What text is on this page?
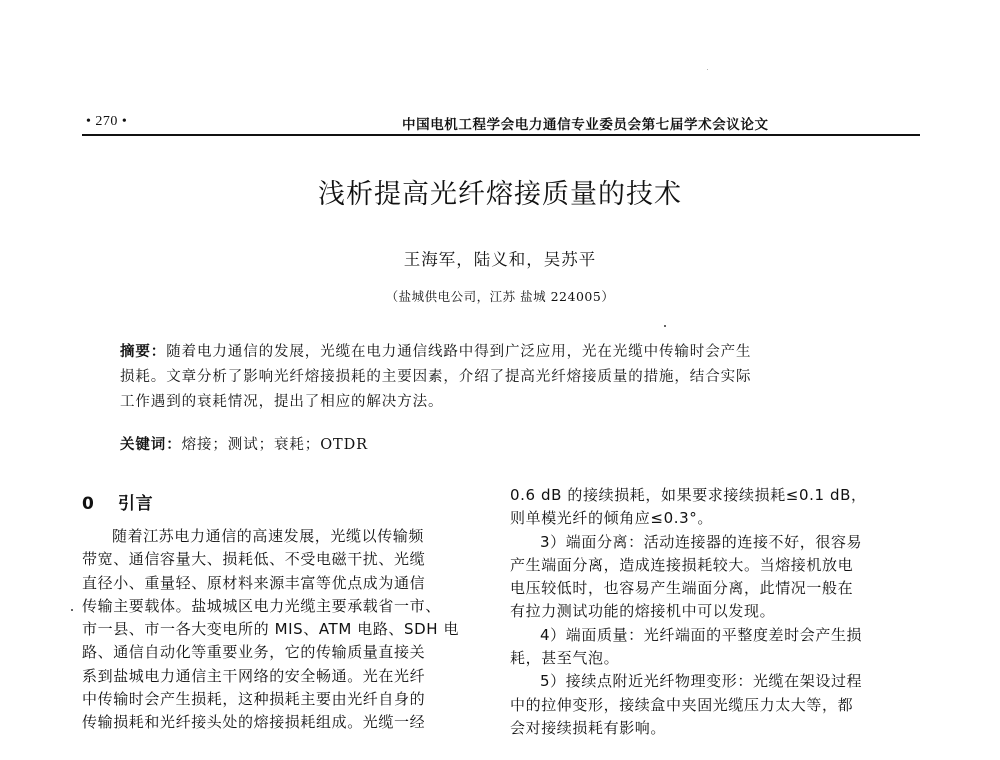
• 270 •	中国电机工程学会电力通信专业委员会第七届学术会议论文
浅析提高光纤熔接质量的技术
王海军，陆义和，吴苏平
（盐城供电公司，江苏 盐城 224005）
摘要：随着电力通信的发展，光缆在电力通信线路中得到广泛应用，光在光缆中传输时会产生
损耗。文章分析了影响光纤熔接损耗的主要因素，介绍了提高光纤熔接质量的措施，结合实际
工作遇到的衰耗情况，提出了相应的解决方法。
关键词：熔接；测试；衰耗；OTDR
0 引言
随着江苏电力通信的高速发展，光缆以传输频
带宽、通信容量大、损耗低、不受电磁干扰、光缆
直径小、重量轻、原材料来源丰富等优点成为通信
传输主要载体。盐城城区电力光缆主要承载省一市、
市一县、市一各大变电所的 MIS、ATM 电路、SDH 电
路、通信自动化等重要业务，它的传输质量直接关
系到盐城电力通信主干网络的安全畅通。光在光纤
中传输时会产生损耗，这种损耗主要由光纤自身的
传输损耗和光纤接头处的熔接损耗组成。光缆一经
0.6 dB 的接续损耗，如果要求接续损耗≤0.1 dB，
则单模光纤的倾角应≤0.3°。
3）端面分离：活动连接器的连接不好，很容易
产生端面分离，造成连接损耗较大。当熔接机放电
电压较低时，也容易产生端面分离，此情况一般在
有拉力测试功能的熔接机中可以发现。
4）端面质量：光纤端面的平整度差时会产生损
耗，甚至气泡。
5）接续点附近光纤物理变形：光缆在架设过程
中的拉伸变形，接续盒中夹固光缆压力太大等，都
会对接续损耗有影响。
